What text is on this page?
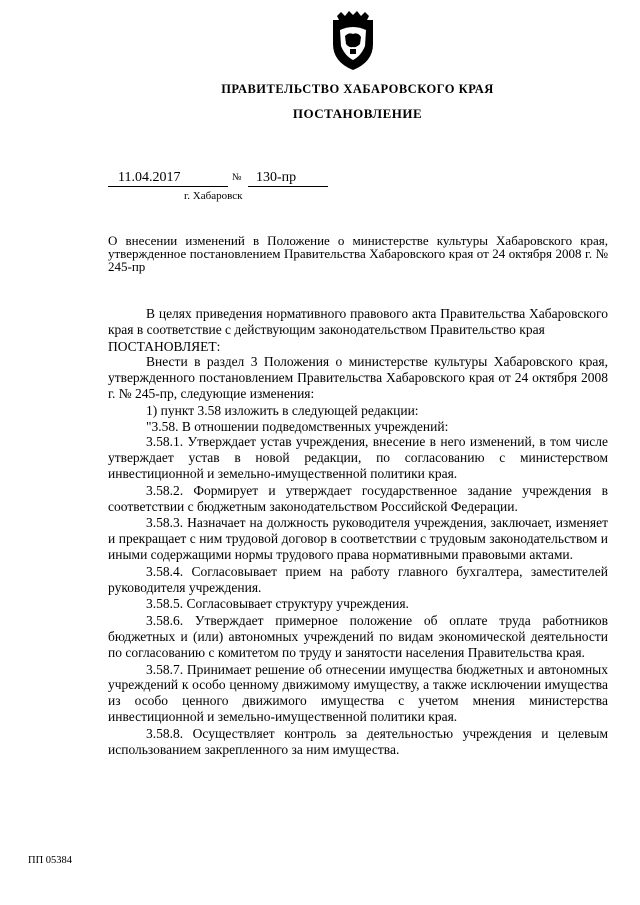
ПРАВИТЕЛЬСТВО ХАБАРОВСКОГО КРАЯ
ПОСТАНОВЛЕНИЕ
11.04.2017	№	130-пр
г. Хабаровск
О внесении изменений в Положение о министерстве культуры Хабаровского края, утвержденное постановлением Правительства Хабаровского края от 24 октября 2008 г. № 245-пр

В целях приведения нормативного правового акта Правительства Хабаровского края в соответствие с действующим законодательством Правительство края

ПОСТАНОВЛЯЕТ:

Внести в раздел 3 Положения о министерстве культуры Хабаровского края, утвержденного постановлением Правительства Хабаровского края от 24 октября 2008 г. № 245-пр, следующие изменения:

1) пункт 3.58 изложить в следующей редакции:

"3.58. В отношении подведомственных учреждений:

3.58.1. Утверждает устав учреждения, внесение в него изменений, в том числе утверждает устав в новой редакции, по согласованию с министерством инвестиционной и земельно-имущественной политики края.

3.58.2. Формирует и утверждает государственное задание учреждения в соответствии с бюджетным законодательством Российской Федерации.

3.58.3. Назначает на должность руководителя учреждения, заключает, изменяет и прекращает с ним трудовой договор в соответствии с трудовым законодательством и иными содержащими нормы трудового права нормативными правовыми актами.

3.58.4. Согласовывает прием на работу главного бухгалтера, заместителей руководителя учреждения.

3.58.5. Согласовывает структуру учреждения.

3.58.6. Утверждает примерное положение об оплате труда работников бюджетных и (или) автономных учреждений по видам экономической деятельности по согласованию с комитетом по труду и занятости населения Правительства края.

3.58.7. Принимает решение об отнесении имущества бюджетных и автономных учреждений к особо ценному движимому имуществу, а также исключении имущества из особо ценного движимого имущества с учетом мнения министерства инвестиционной и земельно-имущественной политики края.

3.58.8. Осуществляет контроль за деятельностью учреждения и целевым использованием закрепленного за ним имущества.

ПП 05384
